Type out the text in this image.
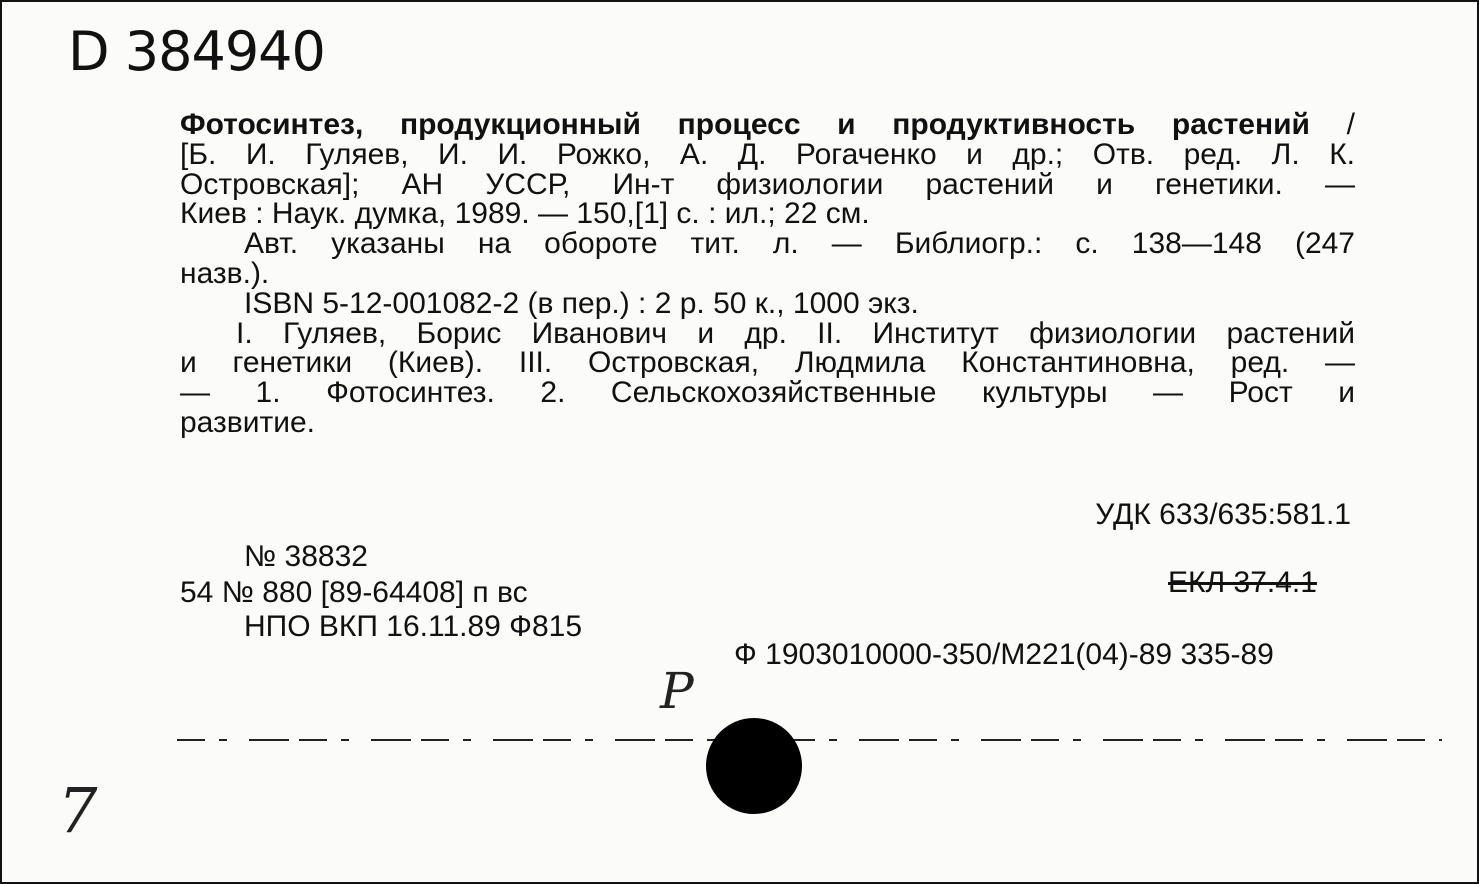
D 384940
Фотосинтез, продукционный процесс и продуктивность растений /
[Б. И. Гуляев, И. И. Рожко, А. Д. Рогаченко и др.; Отв. ред. Л. К.
Островская]; АН УССР, Ин-т физиологии растений и генетики. —
Киев : Наук. думка, 1989. — 150,[1] с. : ил.; 22 см.
Авт. указаны на обороте тит. л. — Библиогр.: с. 138—148 (247
назв.).
ISBN 5-12-001082-2 (в пер.) : 2 р. 50 к., 1000 экз.
I. Гуляев, Борис Иванович и др. II. Институт физиологии растений
и генетики (Киев). III. Островская, Людмила Константиновна, ред. —
— 1. Фотосинтез. 2. Сельскохозяйственные культуры — Рост и
развитие.
УДК 633/635:581.1
№ 38832
54 № 880 [89-64408] п вс
НПО ВКП 16.11.89 Ф815
ЕКЛ 37.4.1
Ф 1903010000-350/М221(04)-89 335-89
Р
7
